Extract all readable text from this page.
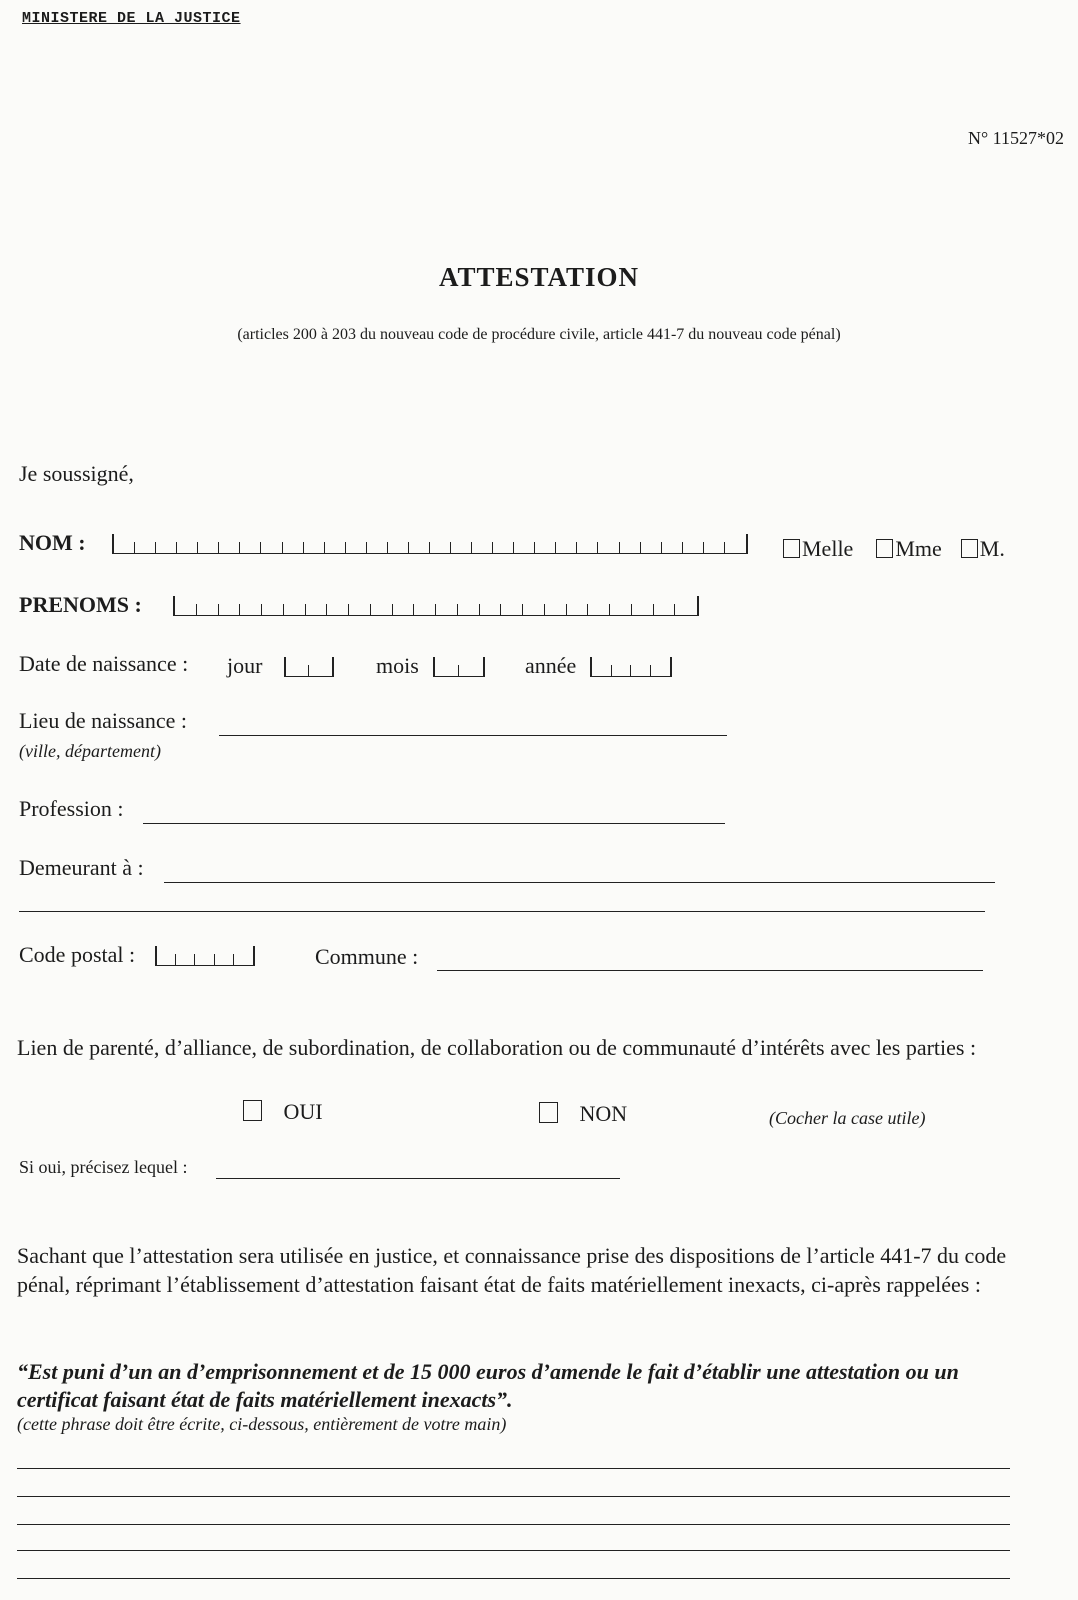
MINISTERE DE LA JUSTICE
N° 11527*02
ATTESTATION
(articles 200 à 203 du nouveau code de procédure civile, article 441-7 du nouveau code pénal)
Je soussigné,
NOM :	Melle Mme M.
PRENOMS :
Date de naissance : jour	mois	année
Lieu de naissance :
(ville, département)
Profession :
Demeurant à :
Code postal :	Commune :
Lien de parenté, d’alliance, de subordination, de collaboration ou de communauté d’intérêts avec les parties :
OUI	NON	(Cocher la case utile)
Si oui, précisez lequel :
Sachant que l’attestation sera utilisée en justice, et connaissance prise des dispositions de l’article 441-7 du code pénal, réprimant l’établissement d’attestation faisant état de faits matériellement inexacts, ci-après rappelées :
“Est puni d’un an d’emprisonnement et de 15 000 euros d’amende le fait d’établir une attestation ou un certificat faisant état de faits matériellement inexacts”.
(cette phrase doit être écrite, ci-dessous, entièrement de votre main)
